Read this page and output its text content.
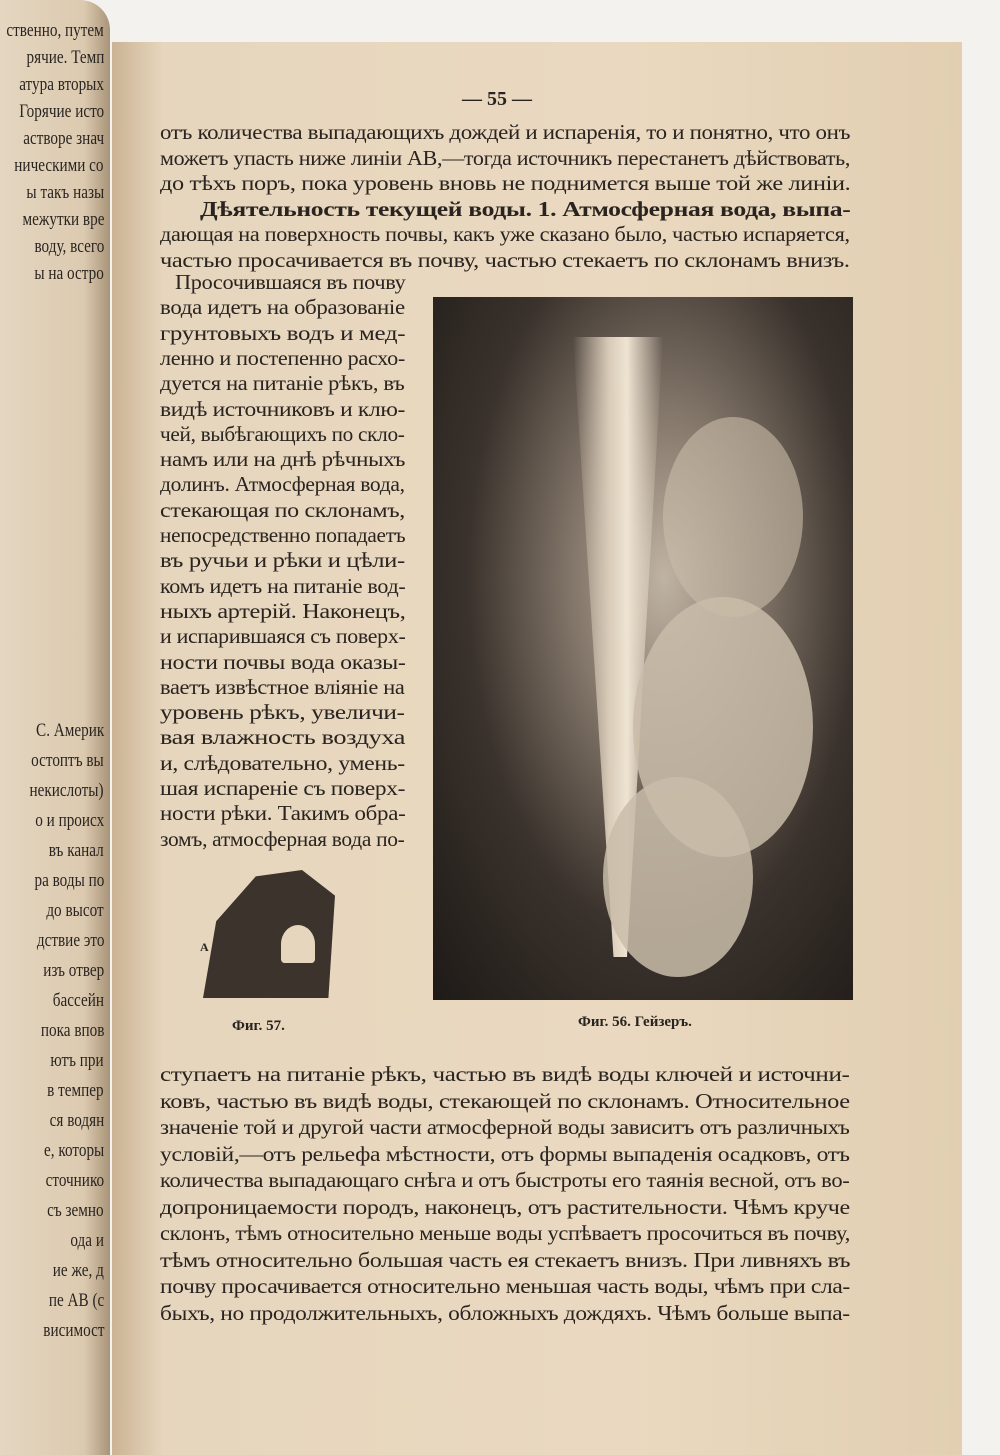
ственно, путем
рячие. Темп
атура вторых
Горячие исто
астворе знач
ническими со
ы такъ назы
межутки вре
воду, всего
ы на остро
С. Америк
остоптъ вы
некислоты)
о и происх
въ канал
ра воды по
до высот
дствие это
изъ отвер
бассейн
пока впов
ютъ при
в темпер
ся водян
е, которы
сточнико
съ земно
одa и
ие же, д
пе АВ (с
висимост
— 55 —
отъ количества выпадающихъ дождей и испаренія, то и понятно, что онъ
можетъ упасть ниже линіи АВ,—тогда источникъ перестанетъ дѣйствовать,
до тѣхъ поръ, пока уровень вновь не поднимется выше той же линіи.
Дѣятельность текущей воды. 1. Атмосферная вода, выпа-
дающая на поверхность почвы, какъ уже сказано было, частью испаряется,
частью просачивается въ почву, частью стекаетъ по склонамъ внизъ.
Просочившаяся въ почву
вода идетъ на образованіе
грунтовыхъ водъ и мед-
ленно и постепенно расхо-
дуется на питаніе рѣкъ, въ
видѣ источниковъ и клю-
чей, выбѣгающихъ по скло-
намъ или на днѣ рѣчныхъ
долинъ. Атмосферная вода,
стекающая по склонамъ,
непосредственно попадаетъ
въ ручьи и рѣки и цѣли-
комъ идетъ на питаніе вод-
ныхъ артерій. Наконецъ,
и испарившаяся съ поверх-
ности почвы вода оказы-
ваетъ извѣстное вліяніе на
уровень рѣкъ, увеличи-
вая влажность воздуха
и, слѣдовательно, умень-
шая испареніе съ поверх-
ности рѣки. Такимъ обра-
зомъ, атмосферная вода по-
ступаетъ на питаніе рѣкъ, частью въ видѣ воды ключей и источни-
ковъ, частью въ видѣ воды, стекающей по склонамъ. Относительное
значеніе той и другой части атмосферной воды зависитъ отъ различныхъ
условій,—отъ рельефа мѣстности, отъ формы выпаденія осадковъ, отъ
количества выпадающаго снѣга и отъ быстроты его таянія весной, отъ во-
допроницаемости породъ, наконецъ, отъ растительности. Чѣмъ круче
склонъ, тѣмъ относительно меньше воды успѣваетъ просочиться въ почву,
тѣмъ относительно большая часть ея стекаетъ внизъ. При ливняхъ въ
почву просачивается относительно меньшая часть воды, чѣмъ при сла-
быхъ, но продолжительныхъ, обложныхъ дождяхъ. Чѣмъ больше выпа-
A
Фиг. 57.	Фиг. 56. Гейзеръ.
